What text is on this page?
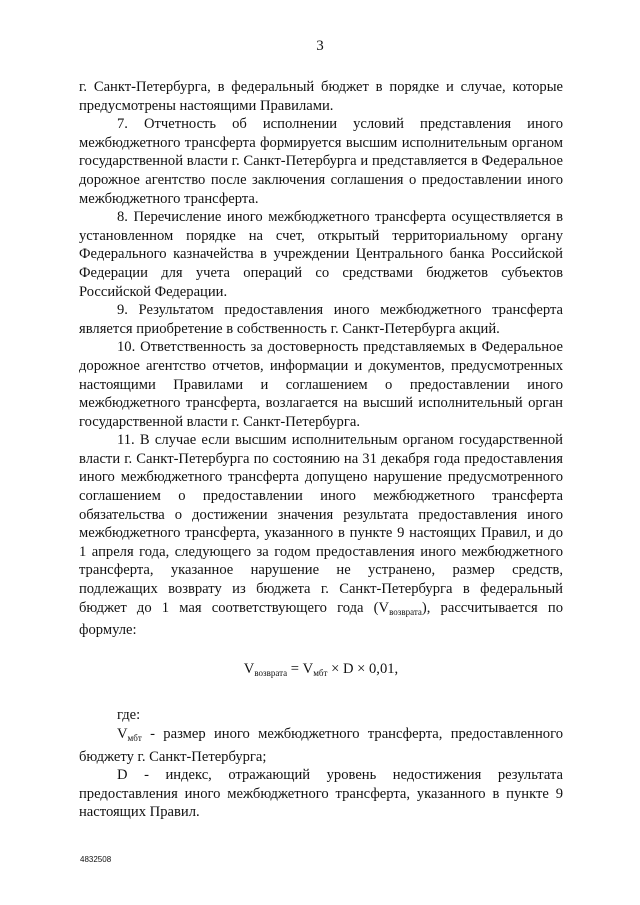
3

г. Санкт-Петербурга, в федеральный бюджет в порядке и случае, которые предусмотрены настоящими Правилами.

7. Отчетность об исполнении условий представления иного межбюджетного трансферта формируется высшим исполнительным органом государственной власти г. Санкт-Петербурга и представляется в Федеральное дорожное агентство после заключения соглашения о предоставлении иного межбюджетного трансферта.

8. Перечисление иного межбюджетного трансферта осуществляется в установленном порядке на счет, открытый территориальному органу Федерального казначейства в учреждении Центрального банка Российской Федерации для учета операций со средствами бюджетов субъектов Российской Федерации.

9. Результатом предоставления иного межбюджетного трансферта является приобретение в собственность г. Санкт-Петербурга акций.

10. Ответственность за достоверность представляемых в Федеральное дорожное агентство отчетов, информации и документов, предусмотренных настоящими Правилами и соглашением о предоставлении иного межбюджетного трансферта, возлагается на высший исполнительный орган государственной власти г. Санкт-Петербурга.

11. В случае если высшим исполнительным органом государственной власти г. Санкт-Петербурга по состоянию на 31 декабря года предоставления иного межбюджетного трансферта допущено нарушение предусмотренного соглашением о предоставлении иного межбюджетного трансферта обязательства о достижении значения результата предоставления иного межбюджетного трансферта, указанного в пункте 9 настоящих Правил, и до 1 апреля года, следующего за годом предоставления иного межбюджетного трансферта, указанное нарушение не устранено, размер средств, подлежащих возврату из бюджета г. Санкт-Петербурга в федеральный бюджет до 1 мая соответствующего года $(V_{возврата})$, рассчитывается по формуле:

$V_{возврата} = V_{мбт} \times D \times 0,01$,

где:

$V_{мбт}$ - размер иного межбюджетного трансферта, предоставленного бюджету г. Санкт-Петербурга;

D - индекс, отражающий уровень недостижения результата предоставления иного межбюджетного трансферта, указанного в пункте 9 настоящих Правил.

4832508
